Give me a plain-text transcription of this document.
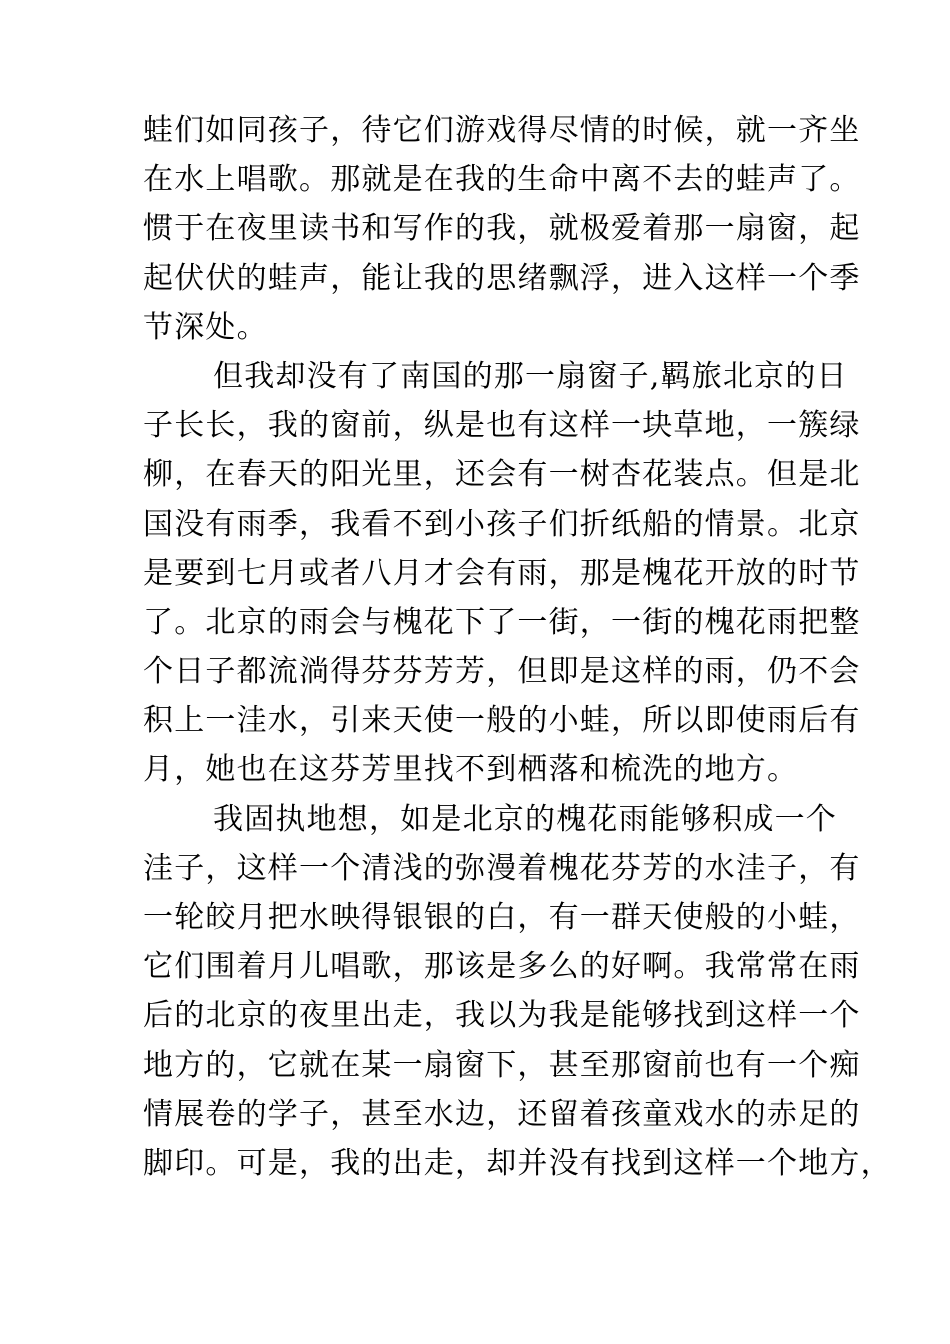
蛙们如同孩子，待它们游戏得尽情的时候，就一齐坐
在水上唱歌。那就是在我的生命中离不去的蛙声了。
惯于在夜里读书和写作的我，就极爱着那一扇窗，起
起伏伏的蛙声，能让我的思绪飘浮，进入这样一个季
节深处。
但我却没有了南国的那一扇窗子,羁旅北京的日
子长长，我的窗前，纵是也有这样一块草地，一簇绿
柳，在春天的阳光里，还会有一树杏花装点。但是北
国没有雨季，我看不到小孩子们折纸船的情景。北京
是要到七月或者八月才会有雨，那是槐花开放的时节
了。北京的雨会与槐花下了一街，一街的槐花雨把整
个日子都流淌得芬芬芳芳，但即是这样的雨，仍不会
积上一洼水，引来天使一般的小蛙，所以即使雨后有
月，她也在这芬芳里找不到栖落和梳洗的地方。
我固执地想，如是北京的槐花雨能够积成一个
洼子，这样一个清浅的弥漫着槐花芬芳的水洼子，有
一轮皎月把水映得银银的白，有一群天使般的小蛙，
它们围着月儿唱歌，那该是多么的好啊。我常常在雨
后的北京的夜里出走，我以为我是能够找到这样一个
地方的，它就在某一扇窗下，甚至那窗前也有一个痴
情展卷的学子，甚至水边，还留着孩童戏水的赤足的
脚印。可是，我的出走，却并没有找到这样一个地方，
